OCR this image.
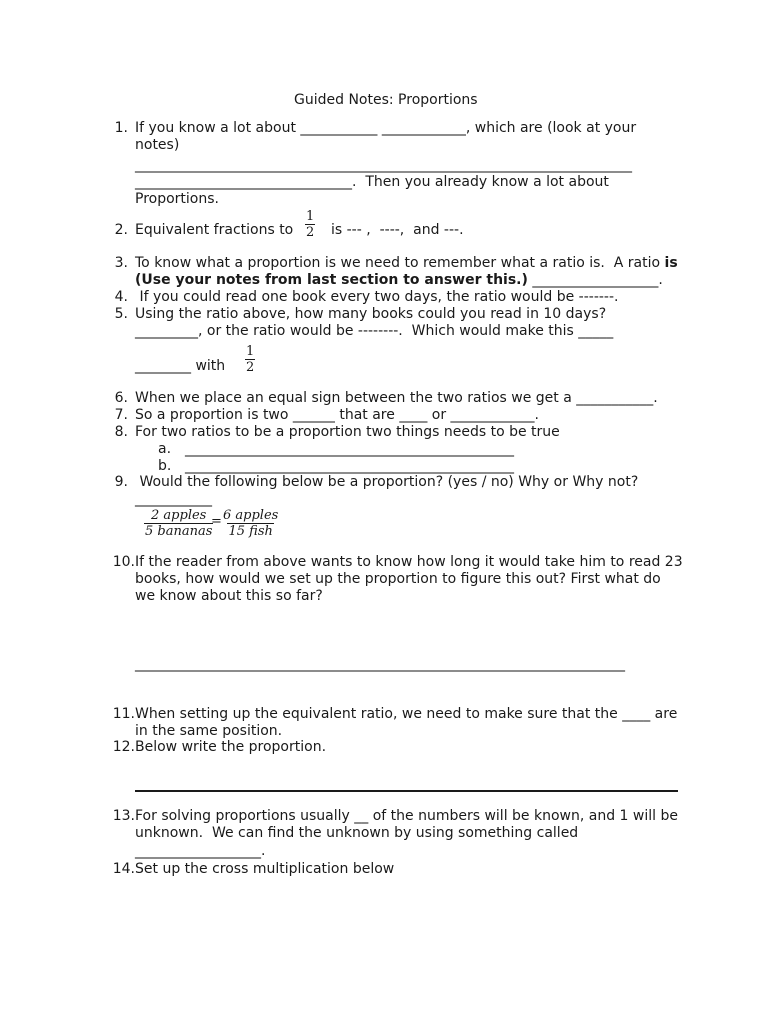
Guided Notes: Proportions
1. If you know a lot about ___________ ____________, which are (look at your
notes)
_______________________________________________________________________
_______________________________.  Then you already know a lot about
Proportions.
2. Equivalent fractions to $\frac{1}{2}$ is --- ,  ----,  and ---.
3. To know what a proportion is we need to remember what a ratio is.  A ratio is
(Use your notes from last section to answer this.) __________________.
4. If you could read one book every two days, the ratio would be -------.
5. Using the ratio above, how many books could you read in 10 days?
_________, or the ratio would be --------.  Which would make this _____
________ with $\frac{1}{2}$
6. When we place an equal sign between the two ratios we get a ___________.
7. So a proportion is two ______ that are ____ or ____________.
8. For two ratios to be a proportion two things needs to be true
a. _______________________________________________
b. _______________________________________________
9. Would the following below be a proportion? (yes / no) Why or Why not?
___________
2 apples
5 bananas
= 6 apples
15 fish
10. If the reader from above wants to know how long it would take him to read 23
books, how would we set up the proportion to figure this out? First what do
we know about this so far?
______________________________________________________________________
11. When setting up the equivalent ratio, we need to make sure that the ____ are
in the same position.
12. Below write the proportion.
13. For solving proportions usually __ of the numbers will be known, and 1 will be
unknown.  We can find the unknown by using something called
__________________.
14. Set up the cross multiplication below
